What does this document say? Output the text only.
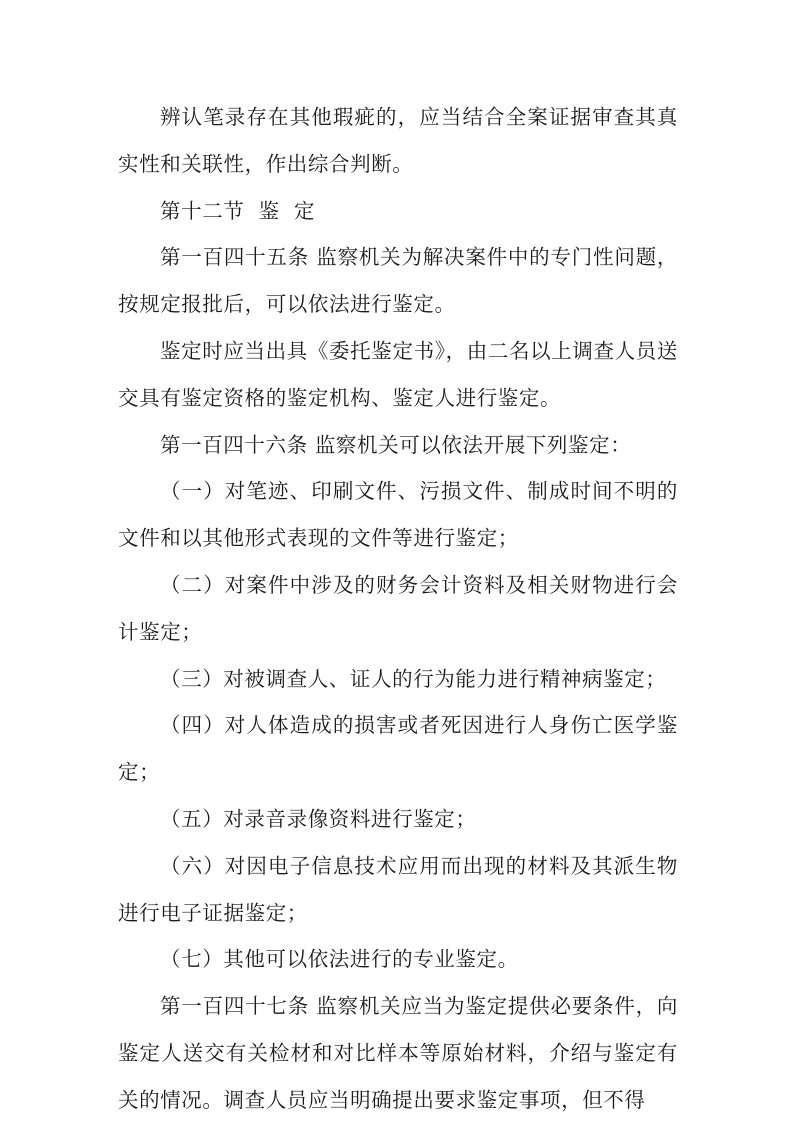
辨认笔录存在其他瑕疵的，应当结合全案证据审查其真实性和关联性，作出综合判断。

第十二节  鉴  定

第一百四十五条 监察机关为解决案件中的专门性问题，按规定报批后，可以依法进行鉴定。

鉴定时应当出具《委托鉴定书》，由二名以上调查人员送交具有鉴定资格的鉴定机构、鉴定人进行鉴定。

第一百四十六条 监察机关可以依法开展下列鉴定：

（一）对笔迹、印刷文件、污损文件、制成时间不明的文件和以其他形式表现的文件等进行鉴定；

（二）对案件中涉及的财务会计资料及相关财物进行会计鉴定；

（三）对被调查人、证人的行为能力进行精神病鉴定；

（四）对人体造成的损害或者死因进行人身伤亡医学鉴定；

（五）对录音录像资料进行鉴定；

（六）对因电子信息技术应用而出现的材料及其派生物进行电子证据鉴定；

（七）其他可以依法进行的专业鉴定。

第一百四十七条 监察机关应当为鉴定提供必要条件，向鉴定人送交有关检材和对比样本等原始材料，介绍与鉴定有关的情况。调查人员应当明确提出要求鉴定事项，但不得
